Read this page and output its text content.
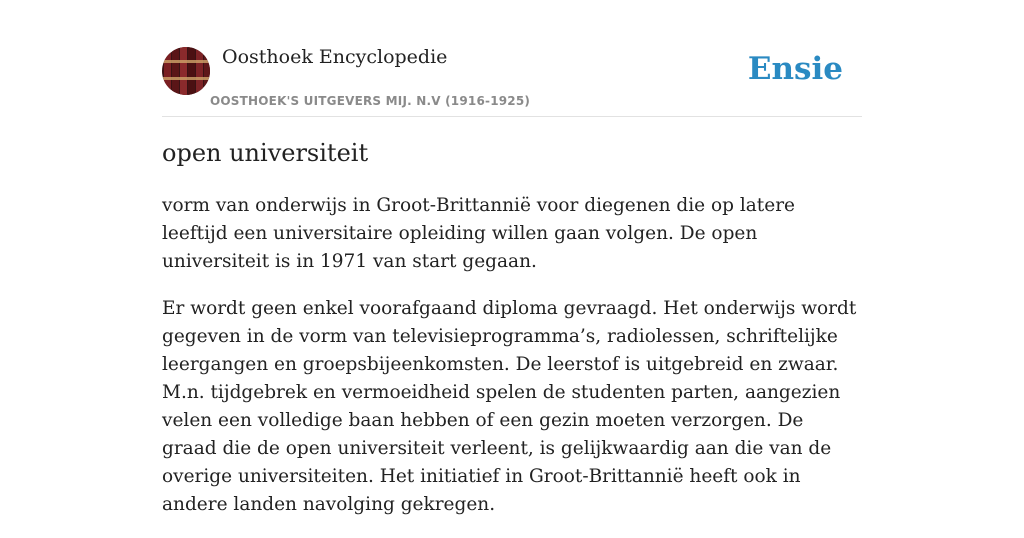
Oosthoek Encyclopedie
OOSTHOEK'S UITGEVERS MIJ. N.V (1916-1925)
Ensie
open universiteit

vorm van onderwijs in Groot-Brittannië voor diegenen die op latere leeftijd een universitaire opleiding willen gaan volgen. De open universiteit is in 1971 van start gegaan.

Er wordt geen enkel voorafgaand diploma gevraagd. Het onderwijs wordt gegeven in de vorm van televisieprogramma’s, radiolessen, schriftelijke leergangen en groepsbijeenkomsten. De leerstof is uitgebreid en zwaar. M.n. tijdgebrek en vermoeidheid spelen de studenten parten, aangezien velen een volledige baan hebben of een gezin moeten verzorgen. De graad die de open universiteit verleent, is gelijkwaardig aan die van de overige universiteiten. Het initiatief in Groot-Brittannië heeft ook in andere landen navolging gekregen.
